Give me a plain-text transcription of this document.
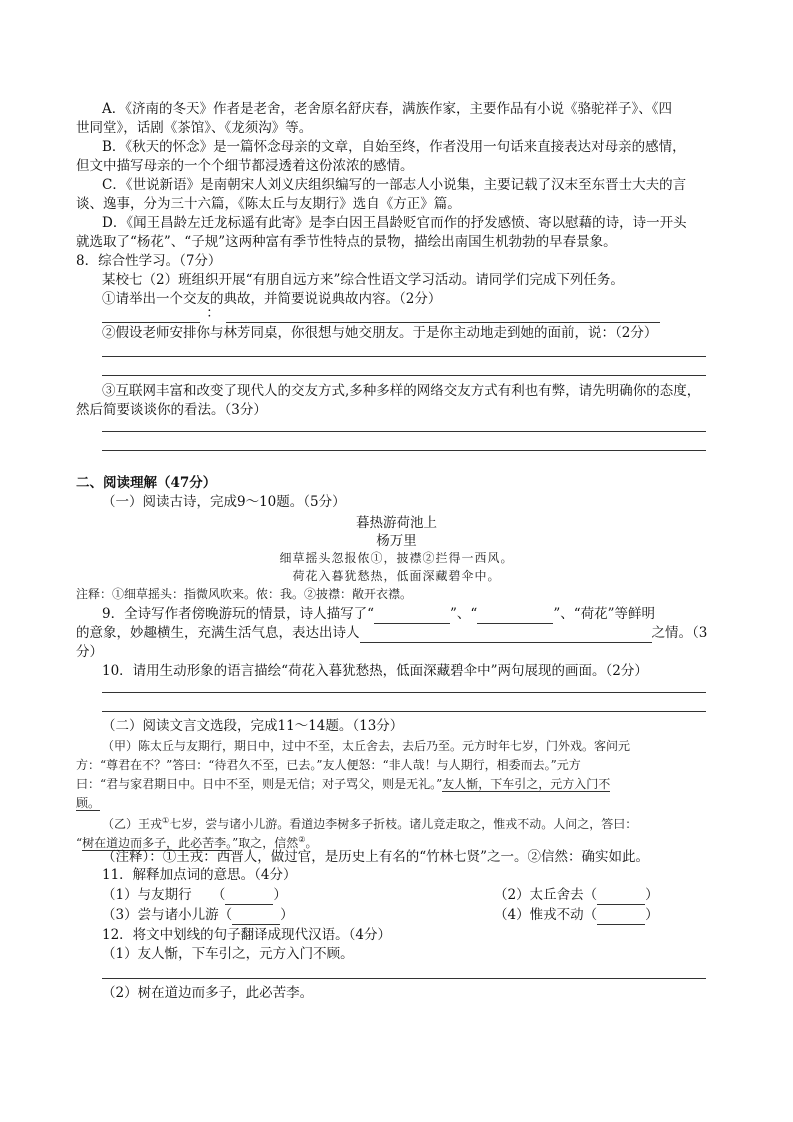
A．《济南的冬天》作者是老舍，老舍原名舒庆春，满族作家，主要作品有小说《骆驼祥子》、《四
世同堂》，话剧《茶馆》、《龙须沟》等。
B．《秋天的怀念》是一篇怀念母亲的文章，自始至终，作者没用一句话来直接表达对母亲的感情，
但文中描写母亲的一个个细节都浸透着这份浓浓的感情。
C．《世说新语》是南朝宋人刘义庆组织编写的一部志人小说集，主要记载了汉末至东晋士大夫的言
谈、逸事，分为三十六篇，《陈太丘与友期行》选自《方正》篇。
D．《闻王昌龄左迁龙标遥有此寄》是李白因王昌龄贬官而作的抒发感愤、寄以慰藉的诗，诗一开头
就选取了“杨花”、“子规”这两种富有季节性特点的景物，描绘出南国生机勃勃的早春景象。
8．综合性学习。（7分）
某校七（2）班组织开展“有朋自远方来”综合性语文学习活动。请同学们完成下列任务。
①请举出一个交友的典故，并简要说说典故内容。（2分）
：
②假设老师安排你与林芳同桌，你很想与她交朋友。于是你主动地走到她的面前，说：（2分）
③互联网丰富和改变了现代人的交友方式,多种多样的网络交友方式有利也有弊，请先明确你的态度，
然后简要谈谈你的看法。（3分）
二、阅读理解（47分）
（一）阅读古诗，完成9～10题。（5分）
暮热游荷池上
杨万里
细草摇头忽报侬①，披襟②拦得一西风。
荷花入暮犹愁热，低面深藏碧伞中。
注释：①细草摇头：指微风吹来。侬：我。②披襟：敞开衣襟。
9．全诗写作者傍晚游玩的情景，诗人描写了“	”、“	”、“荷花”等鲜明
的意象，妙趣横生，充满生活气息，表达出诗人	之情。（3
分）
10．请用生动形象的语言描绘“荷花入暮犹愁热，低面深藏碧伞中”两句展现的画面。（2分）
（二）阅读文言文选段，完成11～14题。（13分）
（甲）陈太丘与友期行，期日中，过中不至，太丘舍去，去后乃至。元方时年七岁，门外戏。客问元
方：“尊君在不？”答曰：“待君久不至，已去。”友人便怒：“非人哉！与人期行，相委而去。”元方
曰：“君与家君期日中。日中不至，则是无信；对子骂父，则是无礼。”友人惭，下车引之，元方入门不
顾。
（乙）王戎①七岁，尝与诸小儿游。看道边李树多子折枝。诸儿竞走取之，惟戎不动。人问之，答曰：
“树在道边而多子，此必苦李。”取之，信然②。
（注释）：①王戎：西晋人，做过官，是历史上有名的“竹林七贤”之一。②信然：确实如此。
11．解释加点词的意思。（4分）
（1）与友期行　　（	）	（2）太丘舍去（	）
（3）尝与诸小儿游（	）	（4）惟戎不动（	）
12．将文中划线的句子翻译成现代汉语。（4分）
（1）友人惭，下车引之，元方入门不顾。
（2）树在道边而多子，此必苦李。
